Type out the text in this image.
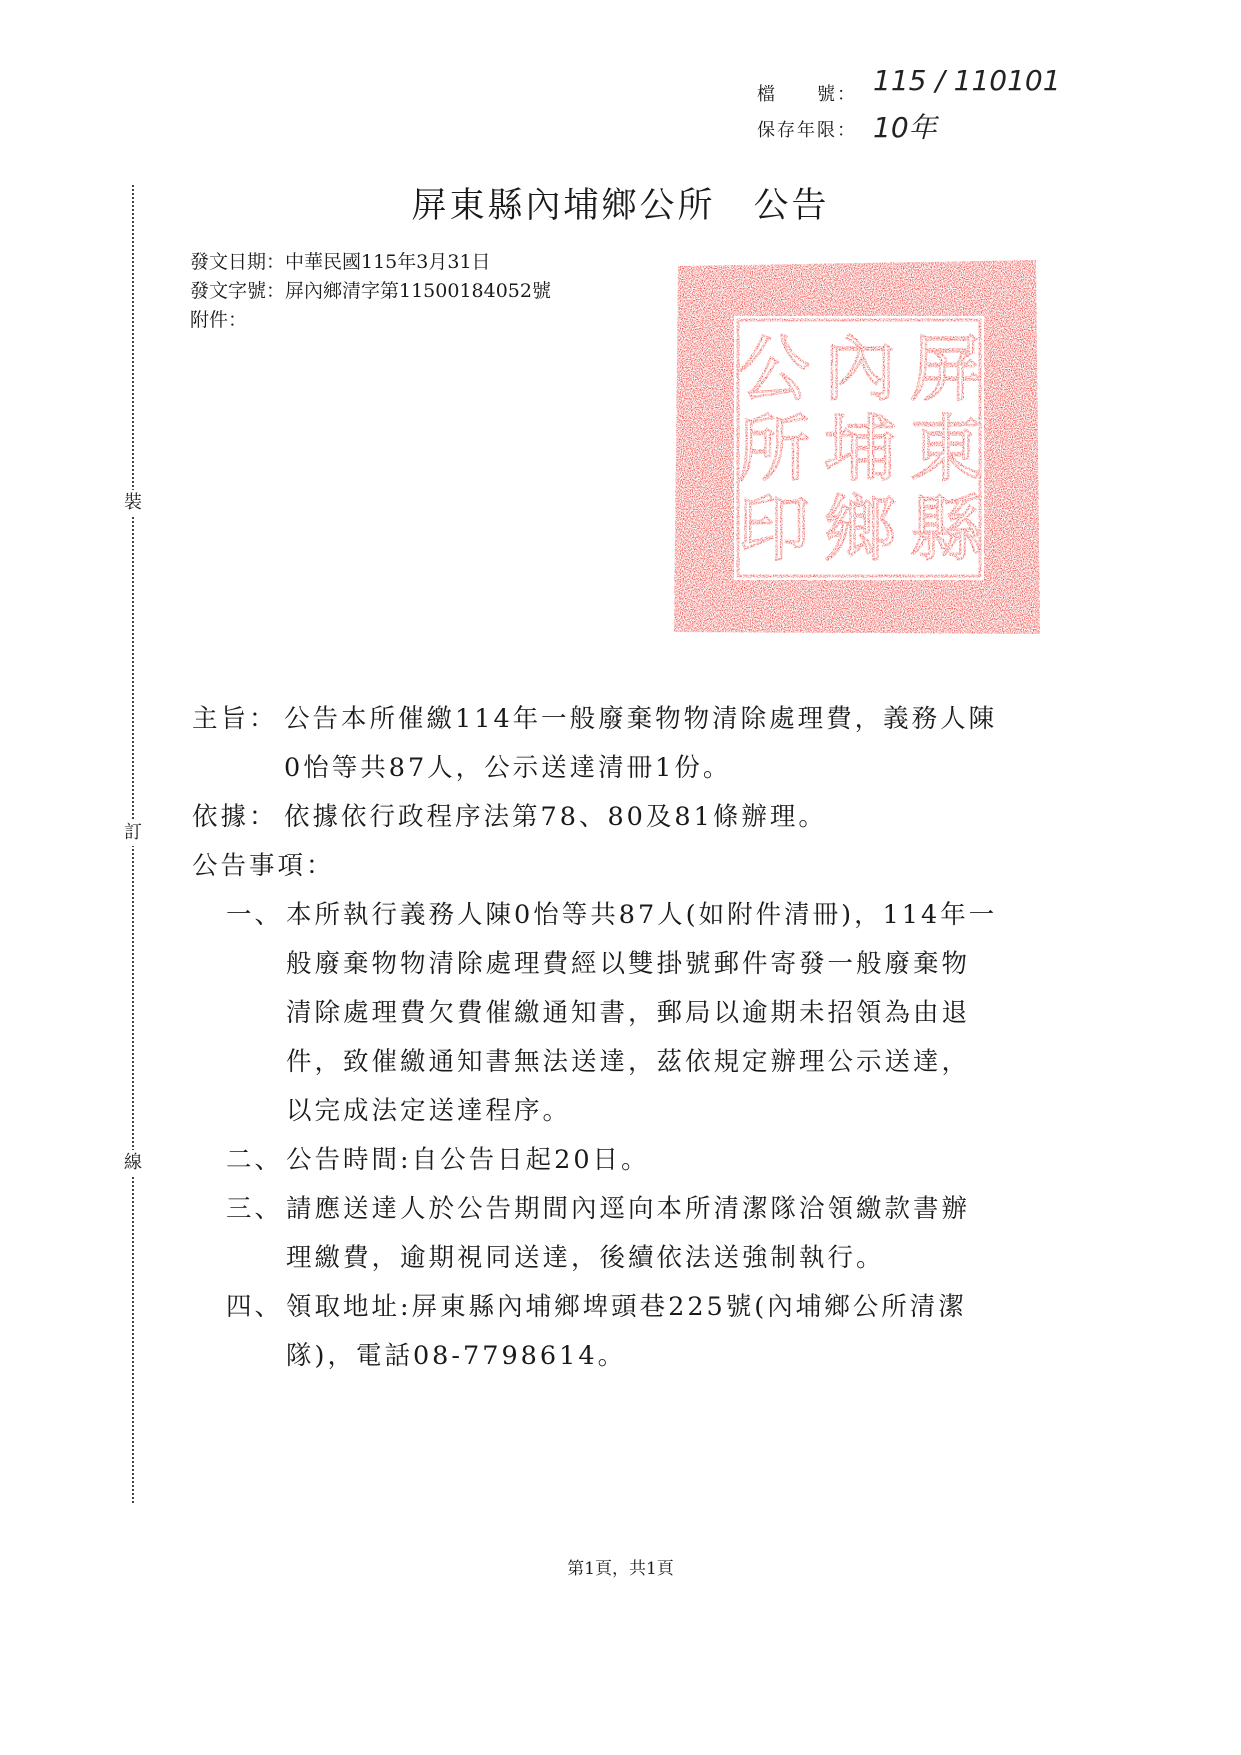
裝
訂
線
檔　　號： 115 / 110101
保存年限： 10年
屏東縣內埔鄉公所　公告
發文日期：中華民國115年3月31日
發文字號：屏內鄉清字第11500184052號
附件：
屏
東
縣
內
埔
鄉
公
所
印
主旨： 公告本所催繳114年一般廢棄物物清除處理費，義務人陳
0怡等共87人，公示送達清冊1份。
依據： 依據依行政程序法第78、80及81條辦理。
公告事項：
一、 本所執行義務人陳0怡等共87人(如附件清冊)，114年一
般廢棄物物清除處理費經以雙掛號郵件寄發一般廢棄物
清除處理費欠費催繳通知書，郵局以逾期未招領為由退
件，致催繳通知書無法送達，茲依規定辦理公示送達，
以完成法定送達程序。
二、 公告時間:自公告日起20日。
三、 請應送達人於公告期間內逕向本所清潔隊洽領繳款書辦
理繳費，逾期視同送達，後續依法送強制執行。
四、 領取地址:屏東縣內埔鄉埤頭巷225號(內埔鄉公所清潔
隊)，電話08-7798614。
第1頁，共1頁
